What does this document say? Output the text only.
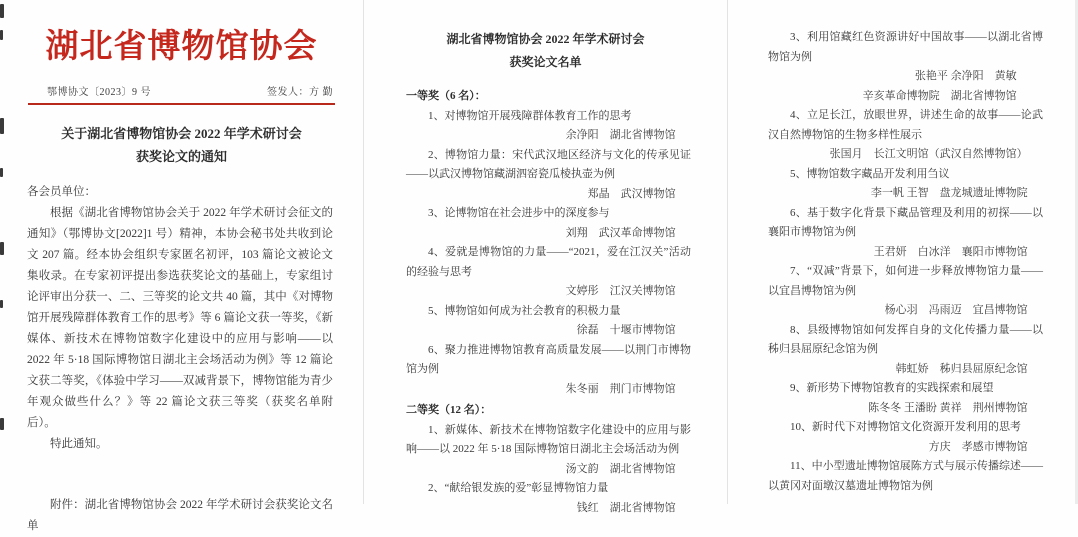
湖北省博物馆协会
鄂博协文〔2023〕9 号	签发人：方 勤
关于湖北省博物馆协会 2022 年学术研讨会
获奖论文的通知

各会员单位：

根据《湖北省博物馆协会关于 2022 年学术研讨会征文的通知》（鄂博协文[2022]1 号）精神，本协会秘书处共收到论文 207 篇。经本协会组织专家匿名初评，103 篇论文被论文集收录。在专家初评提出参选获奖论文的基础上，专家组讨论评审出分获一、二、三等奖的论文共 40 篇，其中《对博物馆开展残障群体教育工作的思考》等 6 篇论文获一等奖，《新媒体、新技术在博物馆数字化建设中的应用与影响——以 2022 年 5·18 国际博物馆日湖北主会场活动为例》等 12 篇论文获二等奖，《体验中学习——双减背景下，博物馆能为青少年观众做些什么？》等 22 篇论文获三等奖（获奖名单附后）。

特此通知。

附件：湖北省博物馆协会 2022 年学术研讨会获奖论文名单

湖北省博物馆协会 2022 年学术研讨会
获奖论文名单

一等奖（6 名）：

1、对博物馆开展残障群体教育工作的思考

余净阳　湖北省博物馆

2、博物馆力量：宋代武汉地区经济与文化的传承见证——以武汉博物馆藏湖泗窑瓷瓜棱执壶为例

郑晶　武汉博物馆

3、论博物馆在社会进步中的深度参与

刘翔　武汉革命博物馆

4、爱就是博物馆的力量——“2021，爱在江汉关”活动的经验与思考

文婷彤　江汉关博物馆

5、博物馆如何成为社会教育的积极力量

徐磊　十堰市博物馆

6、聚力推进博物馆教育高质量发展——以荆门市博物馆为例

朱冬丽　荆门市博物馆

二等奖（12 名）：

1、新媒体、新技术在博物馆数字化建设中的应用与影响——以 2022 年 5·18 国际博物馆日湖北主会场活动为例

汤文韵　湖北省博物馆

2、“献给银发族的爱”彰显博物馆力量

钱红　湖北省博物馆

3、利用馆藏红色资源讲好中国故事——以湖北省博物馆为例

张艳平 余净阳　黄敏

辛亥革命博物院　湖北省博物馆

4、立足长江，放眼世界，讲述生命的故事——论武汉自然博物馆的生物多样性展示

张国月　长江文明馆（武汉自然博物馆）

5、博物馆数字藏品开发利用刍议

李一帆 王智　盘龙城遗址博物院

6、基于数字化背景下藏品管理及利用的初探——以襄阳市博物馆为例

王君妍　白冰洋　襄阳市博物馆

7、“双减”背景下，如何进一步释放博物馆力量——以宜昌博物馆为例

杨心羽　冯雨迈　宜昌博物馆

8、县级博物馆如何发挥自身的文化传播力量——以秭归县屈原纪念馆为例

韩虹娇　秭归县屈原纪念馆

9、新形势下博物馆教育的实践探索和展望

陈冬冬 王潘盼 黄祥　荆州博物馆

10、新时代下对博物馆文化资源开发利用的思考

方庆　孝感市博物馆

11、中小型遗址博物馆展陈方式与展示传播综述——以黄冈对面墩汉墓遗址博物馆为例
